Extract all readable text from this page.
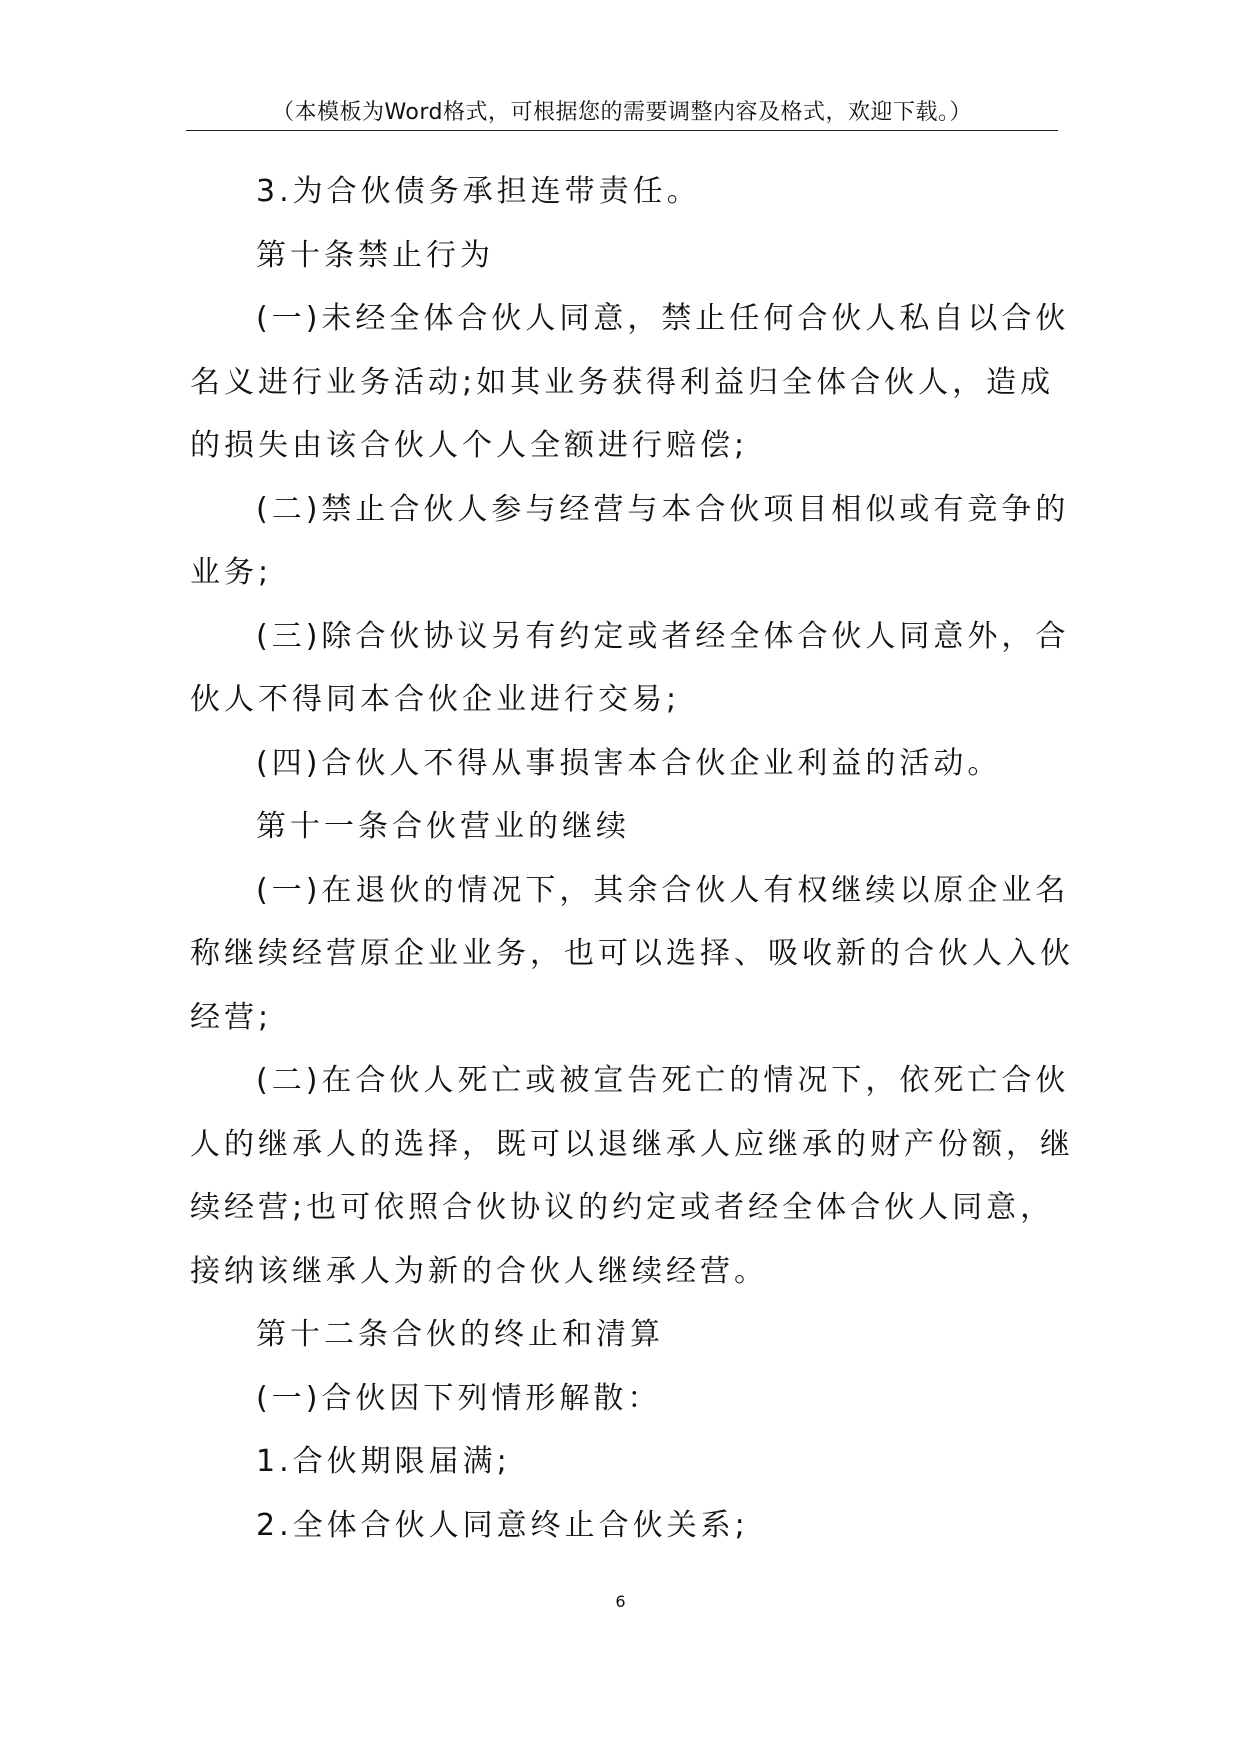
（本模板为Word格式，可根据您的需要调整内容及格式，欢迎下载。）
3.为合伙债务承担连带责任。
第十条禁止行为
(一)未经全体合伙人同意，禁止任何合伙人私自以合伙
名义进行业务活动;如其业务获得利益归全体合伙人，造成
的损失由该合伙人个人全额进行赔偿;
(二)禁止合伙人参与经营与本合伙项目相似或有竞争的
业务;
(三)除合伙协议另有约定或者经全体合伙人同意外，合
伙人不得同本合伙企业进行交易;
(四)合伙人不得从事损害本合伙企业利益的活动。
第十一条合伙营业的继续
(一)在退伙的情况下，其余合伙人有权继续以原企业名
称继续经营原企业业务，也可以选择、吸收新的合伙人入伙
经营;
(二)在合伙人死亡或被宣告死亡的情况下，依死亡合伙
人的继承人的选择，既可以退继承人应继承的财产份额，继
续经营;也可依照合伙协议的约定或者经全体合伙人同意，
接纳该继承人为新的合伙人继续经营。
第十二条合伙的终止和清算
(一)合伙因下列情形解散：
1.合伙期限届满;
2.全体合伙人同意终止合伙关系;
6
